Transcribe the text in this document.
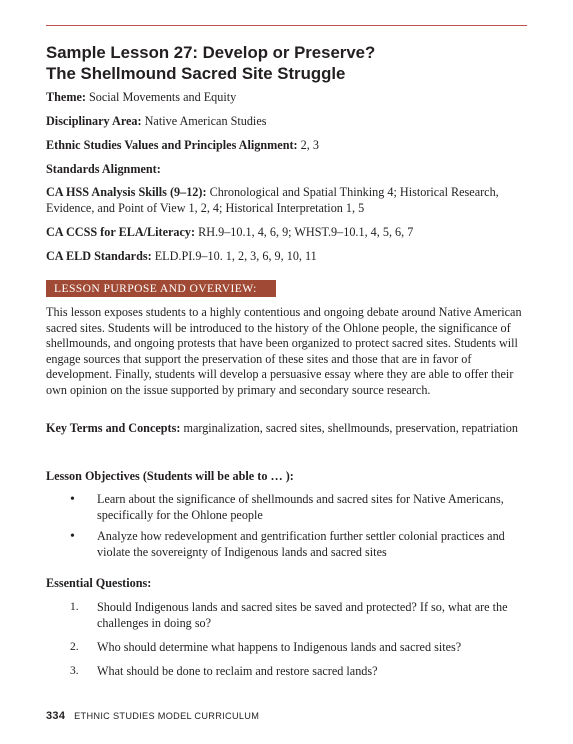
Sample Lesson 27: Develop or Preserve?
The Shellmound Sacred Site Struggle
Theme: Social Movements and Equity
Disciplinary Area: Native American Studies
Ethnic Studies Values and Principles Alignment: 2, 3
Standards Alignment:
CA HSS Analysis Skills (9–12): Chronological and Spatial Thinking 4; Historical Research, Evidence, and Point of View 1, 2, 4; Historical Interpretation 1, 5
CA CCSS for ELA/Literacy: RH.9–10.1, 4, 6, 9; WHST.9–10.1, 4, 5, 6, 7
CA ELD Standards: ELD.PI.9–10. 1, 2, 3, 6, 9, 10, 11
LESSON PURPOSE AND OVERVIEW:

This lesson exposes students to a highly contentious and ongoing debate around Native American sacred sites. Students will be introduced to the history of the Ohlone people, the significance of shellmounds, and ongoing protests that have been organized to protect sacred sites. Students will engage sources that support the preservation of these sites and those that are in favor of development. Finally, students will develop a persuasive essay where they are able to offer their own opinion on the issue supported by primary and secondary source research.

Key Terms and Concepts: marginalization, sacred sites, shellmounds, preservation, repatriation
Lesson Objectives (Students will be able to … ):
• Learn about the significance of shellmounds and sacred sites for Native Americans, specifically for the Ohlone people
• Analyze how redevelopment and gentrification further settler colonial practices and violate the sovereignty of Indigenous lands and sacred sites
Essential Questions:
1. Should Indigenous lands and sacred sites be saved and protected? If so, what are the challenges in doing so?
2. Who should determine what happens to Indigenous lands and sacred sites?
3. What should be done to reclaim and restore sacred lands?
334 ETHNIC STUDIES MODEL CURRICULUM
